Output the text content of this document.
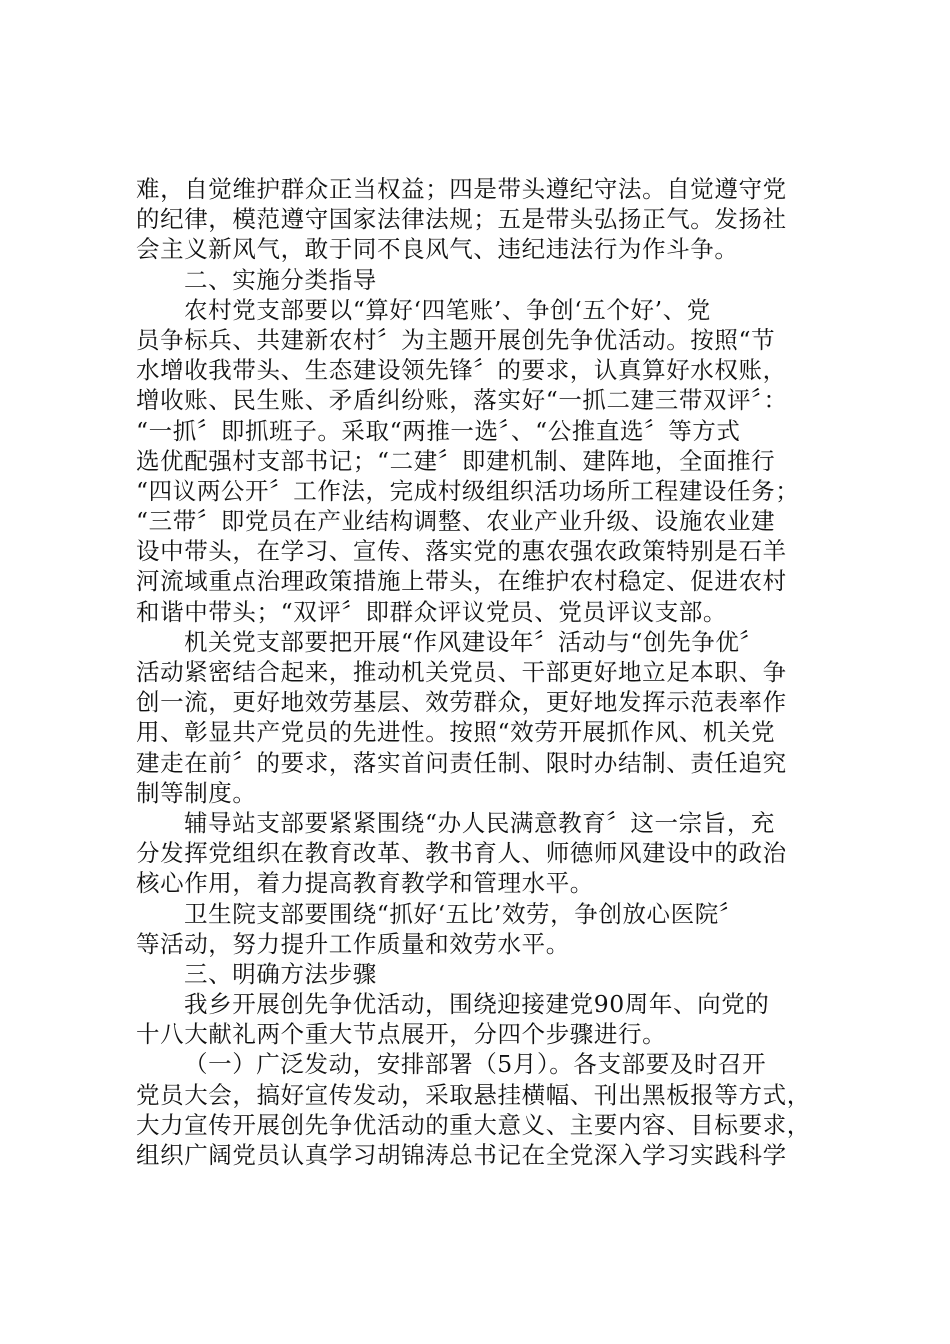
难，自觉维护群众正当权益；四是带头遵纪守法。自觉遵守党
的纪律，模范遵守国家法律法规；五是带头弘扬正气。发扬社
会主义新风气，敢于同不良风气、违纪违法行为作斗争。
二、实施分类指导
农村党支部要以“算好‘四笔账’、争创‘五个好’、党
员争标兵、共建新农村〞为主题开展创先争优活动。按照“节
水增收我带头、生态建设领先锋〞的要求，认真算好水权账，
增收账、民生账、矛盾纠纷账，落实好“一抓二建三带双评〞：
“一抓〞即抓班子。采取“两推一选〞、“公推直选〞等方式
选优配强村支部书记；“二建〞即建机制、建阵地，全面推行
“四议两公开〞工作法，完成村级组织活功场所工程建设任务；
“三带〞即党员在产业结构调整、农业产业升级、设施农业建
设中带头，在学习、宣传、落实党的惠农强农政策特别是石羊
河流域重点治理政策措施上带头，在维护农村稳定、促进农村
和谐中带头；“双评〞即群众评议党员、党员评议支部。
机关党支部要把开展“作风建设年〞活动与“创先争优〞
活动紧密结合起来，推动机关党员、干部更好地立足本职、争
创一流，更好地效劳基层、效劳群众，更好地发挥示范表率作
用、彰显共产党员的先进性。按照“效劳开展抓作风、机关党
建走在前〞的要求，落实首问责任制、限时办结制、责任追究
制等制度。
辅导站支部要紧紧围绕“办人民满意教育〞这一宗旨，充
分发挥党组织在教育改革、教书育人、师德师风建设中的政治
核心作用，着力提高教育教学和管理水平。
卫生院支部要围绕“抓好‘五比’效劳，争创放心医院〞
等活动，努力提升工作质量和效劳水平。
三、明确方法步骤
我乡开展创先争优活动，围绕迎接建党90周年、向党的
十八大献礼两个重大节点展开，分四个步骤进行。
（一）广泛发动，安排部署（5月）。各支部要及时召开
党员大会，搞好宣传发动，采取悬挂横幅、刊出黑板报等方式，
大力宣传开展创先争优活动的重大意义、主要内容、目标要求，
组织广阔党员认真学习胡锦涛总书记在全党深入学习实践科学
